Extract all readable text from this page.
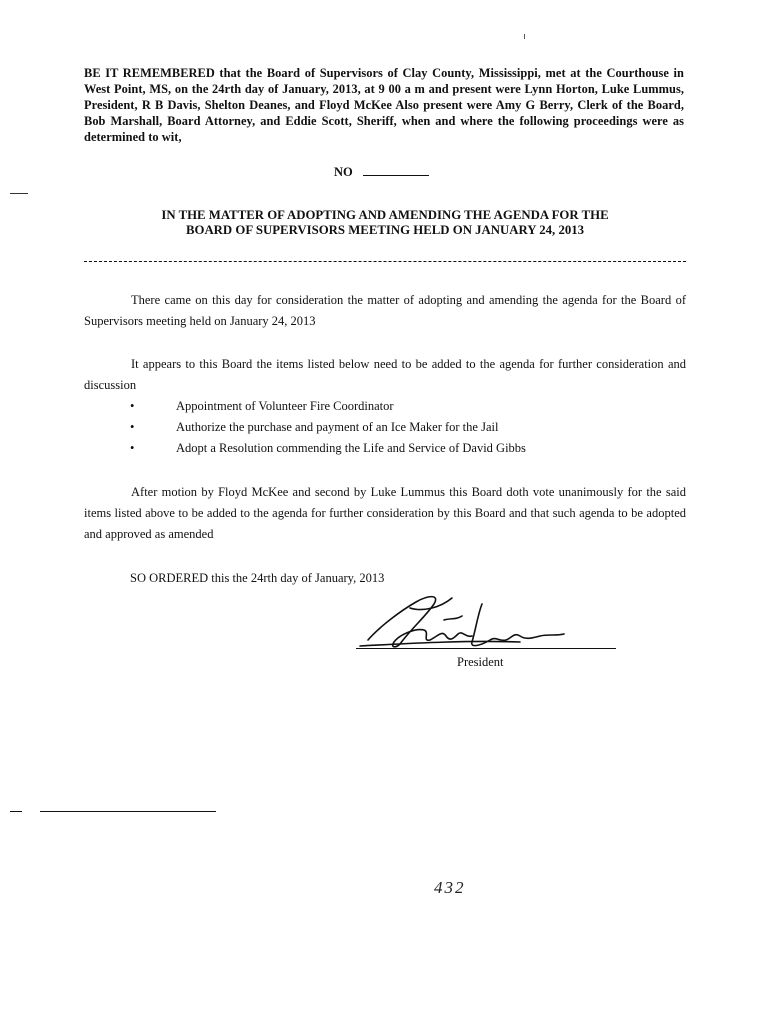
BE IT REMEMBERED that the Board of Supervisors of Clay County, Mississippi, met at the Courthouse in West Point, MS, on the 24rth day of January, 2013, at 9 00 a m and present were Lynn Horton, Luke Lummus, President, R B Davis, Shelton Deanes, and Floyd McKee Also present were Amy G Berry, Clerk of the Board, Bob Marshall, Board Attorney, and Eddie Scott, Sheriff, when and where the following proceedings were as determined to wit,

NO
IN THE MATTER OF ADOPTING AND AMENDING THE AGENDA FOR THE
BOARD OF SUPERVISORS MEETING HELD ON JANUARY 24, 2013

There came on this day for consideration the matter of adopting and amending the agenda for the Board of Supervisors meeting held on January 24, 2013

It appears to this Board the items listed below need to be added to the agenda for further consideration and discussion

•	Appointment of Volunteer Fire Coordinator
•	Authorize the purchase and payment of an Ice Maker for the Jail
•	Adopt a Resolution commending the Life and Service of David Gibbs

After motion by Floyd McKee and second by Luke Lummus this Board doth vote unanimously for the said items listed above to be added to the agenda for further consideration by this Board and that such agenda to be adopted and approved as amended

SO ORDERED this the 24rth day of January, 2013

President
432
